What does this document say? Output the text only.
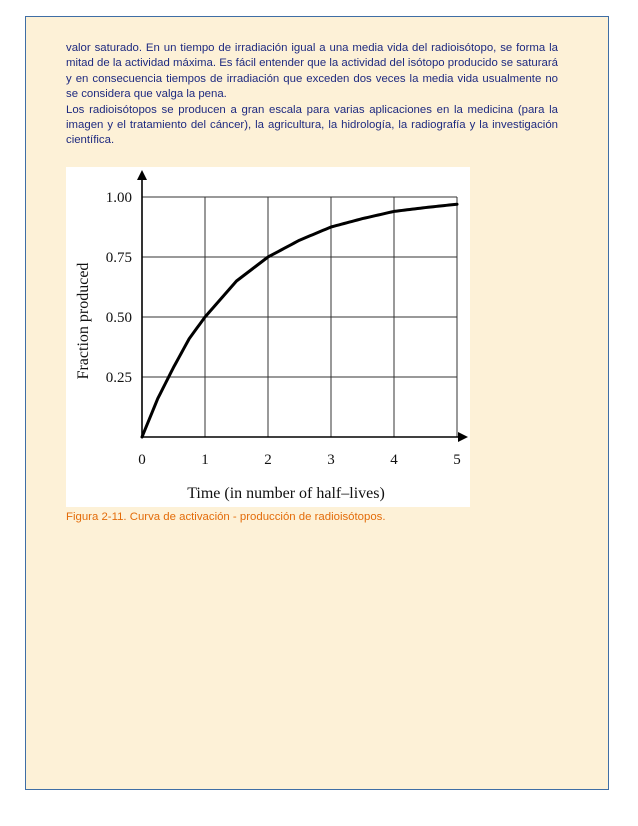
valor saturado. En un tiempo de irradiación igual a una media vida del radioisótopo, se forma la mitad de la actividad máxima. Es fácil entender que la actividad del isótopo producido se saturará y en consecuencia tiempos de irradiación que exceden dos veces la media vida usualmente no se considera que valga la pena.

Los radioisótopos se producen a gran escala para varias aplicaciones en la medicina (para la imagen y el tratamiento del cáncer), la agricultura, la hidrología, la radiografía y la investigación científica.

0	1	2	3	4	5
0.25
0.50
0.75
1.00
Time (in number of half–lives)
Fraction produced
Figura 2-11. Curva de activación - producción de radioisótopos.
